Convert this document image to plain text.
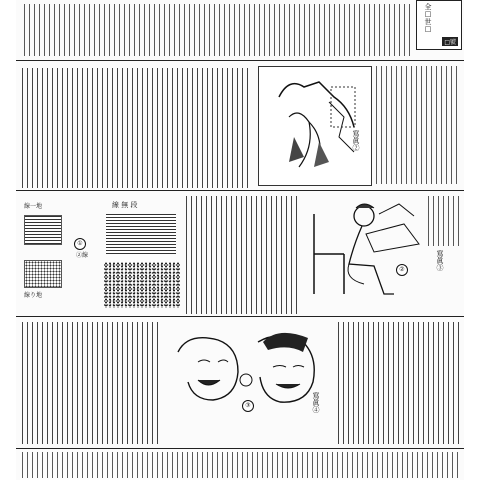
全□世□
□號
寫眞②
線一地
線り地
①
②線
線 無 段
②	寫眞③
③	寫眞④
